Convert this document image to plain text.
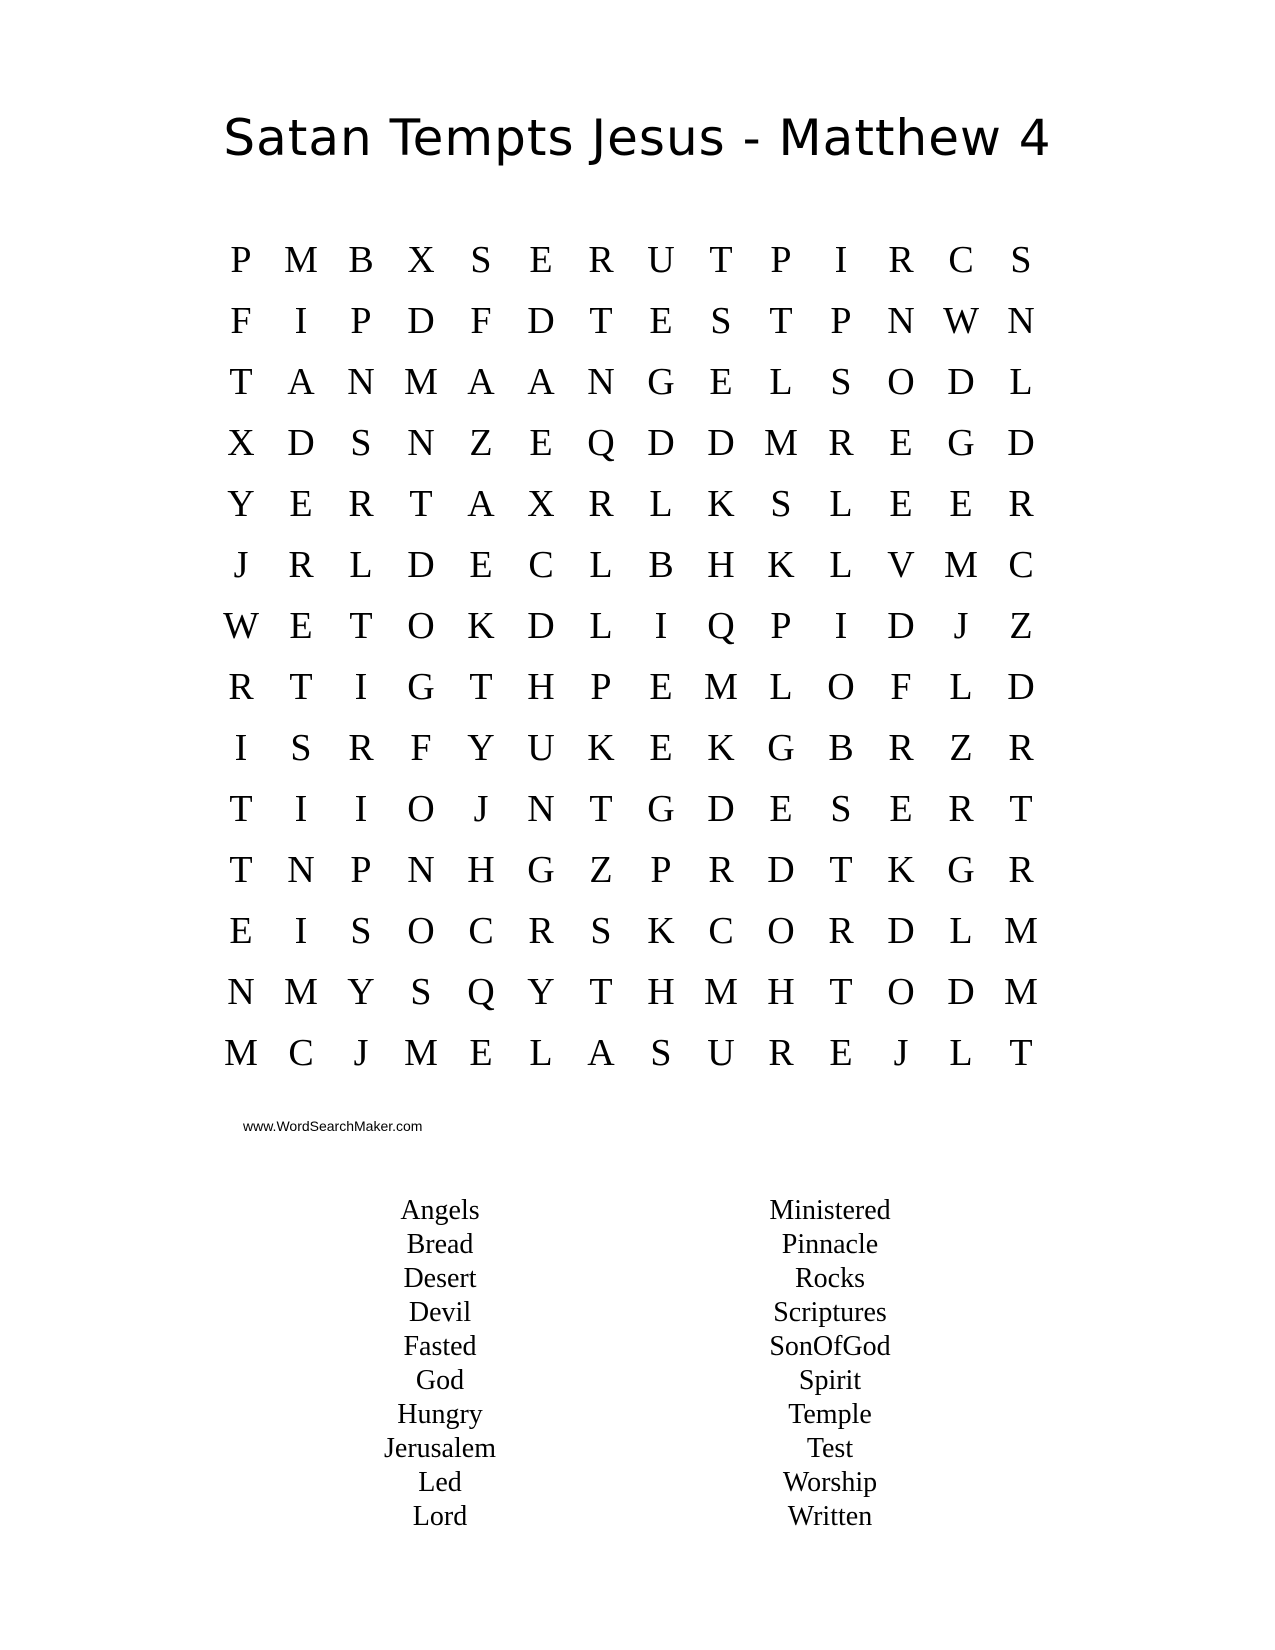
Satan Tempts Jesus - Matthew 4
P M B X S E R U T P	I	R C S
F	I	P D F D T E S T P N W N
T A N M A A N G E L S O D L
X D S N Z E Q D D M R E G D
Y E R T A X R L K S L E E R
J	R L D E C L B H K L V M C
W E T O K D L	I	Q P	I	D	J	Z
R T	I	G T H P E M L O F L D
I	S R F Y U K E K G B R Z R
T	I	I	O	J	N T G D E S E R T
T N P N H G Z P R D T K G R
E	I	S O C R S K C O R D L M
N M Y S Q Y T H M H T O D M
M C	J M E L A S U R E	J	L T
www.WordSearchMaker.com
Angels
Bread
Desert
Devil
Fasted
God
Hungry
Jerusalem
Led
Lord
Ministered
Pinnacle
Rocks
Scriptures
SonOfGod
Spirit
Temple
Test
Worship
Written
